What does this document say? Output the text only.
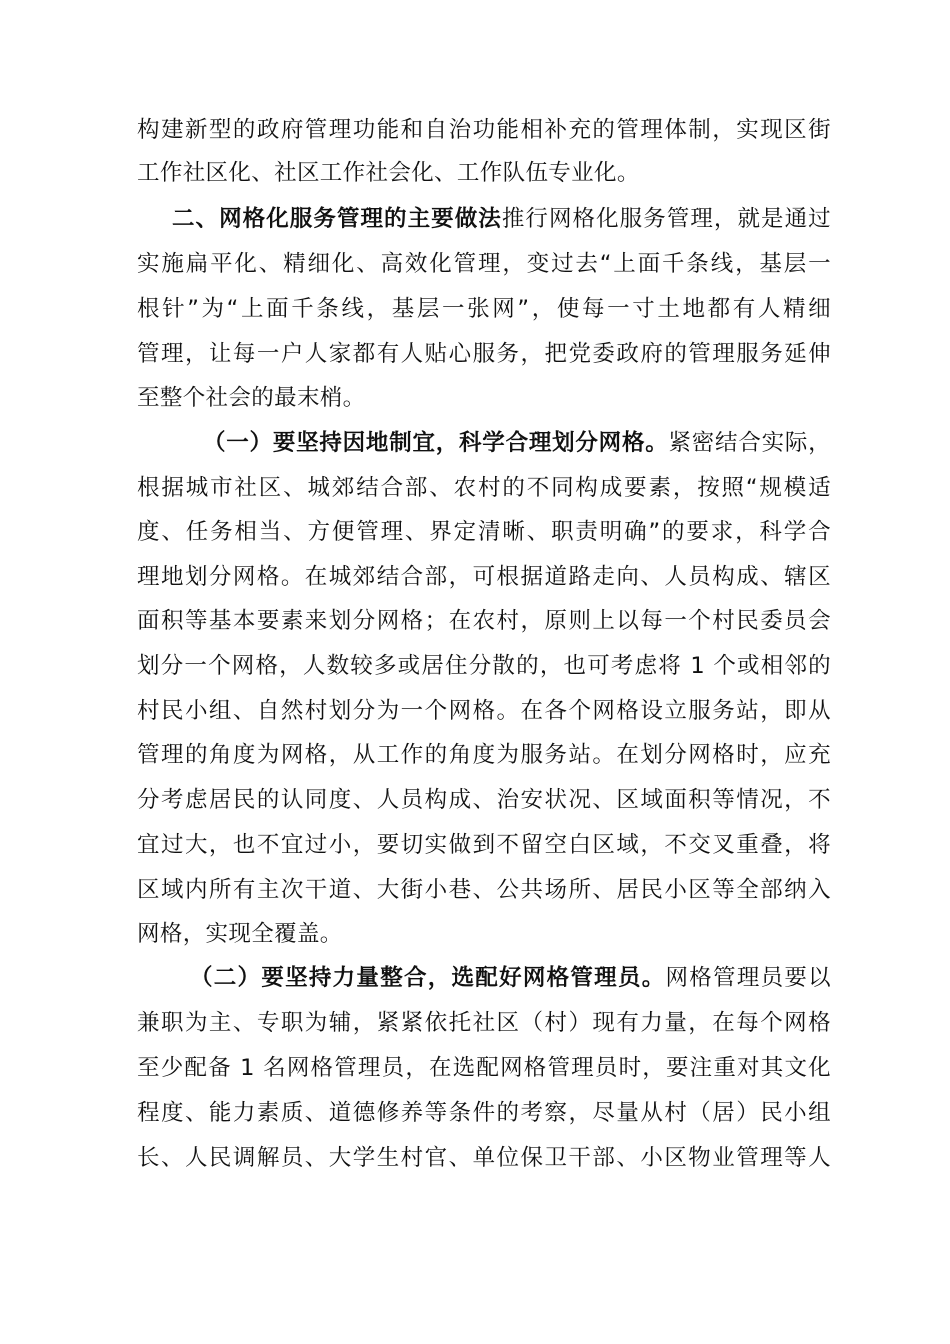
构建新型的政府管理功能和自治功能相补充的管理体制，实现区街
工作社区化、社区工作社会化、工作队伍专业化。
二、网格化服务管理的主要做法推行网格化服务管理，就是通过
实施扁平化、精细化、高效化管理，变过去“上面千条线，基层一
根针”为“上面千条线，基层一张网”，使每一寸土地都有人精细
管理，让每一户人家都有人贴心服务，把党委政府的管理服务延伸
至整个社会的最末梢。
（一）要坚持因地制宜，科学合理划分网格。紧密结合实际，
根据城市社区、城郊结合部、农村的不同构成要素，按照“规模适
度、任务相当、方便管理、界定清晰、职责明确”的要求，科学合
理地划分网格。在城郊结合部，可根据道路走向、人员构成、辖区
面积等基本要素来划分网格；在农村，原则上以每一个村民委员会
划分一个网格，人数较多或居住分散的，也可考虑将 1 个或相邻的
村民小组、自然村划分为一个网格。在各个网格设立服务站，即从
管理的角度为网格，从工作的角度为服务站。在划分网格时，应充
分考虑居民的认同度、人员构成、治安状况、区域面积等情况，不
宜过大，也不宜过小，要切实做到不留空白区域，不交叉重叠，将
区域内所有主次干道、大街小巷、公共场所、居民小区等全部纳入
网格，实现全覆盖。
（二）要坚持力量整合，选配好网格管理员。网格管理员要以
兼职为主、专职为辅，紧紧依托社区（村）现有力量，在每个网格
至少配备 1 名网格管理员，在选配网格管理员时，要注重对其文化
程度、能力素质、道德修养等条件的考察，尽量从村（居）民小组
长、人民调解员、大学生村官、单位保卫干部、小区物业管理等人
